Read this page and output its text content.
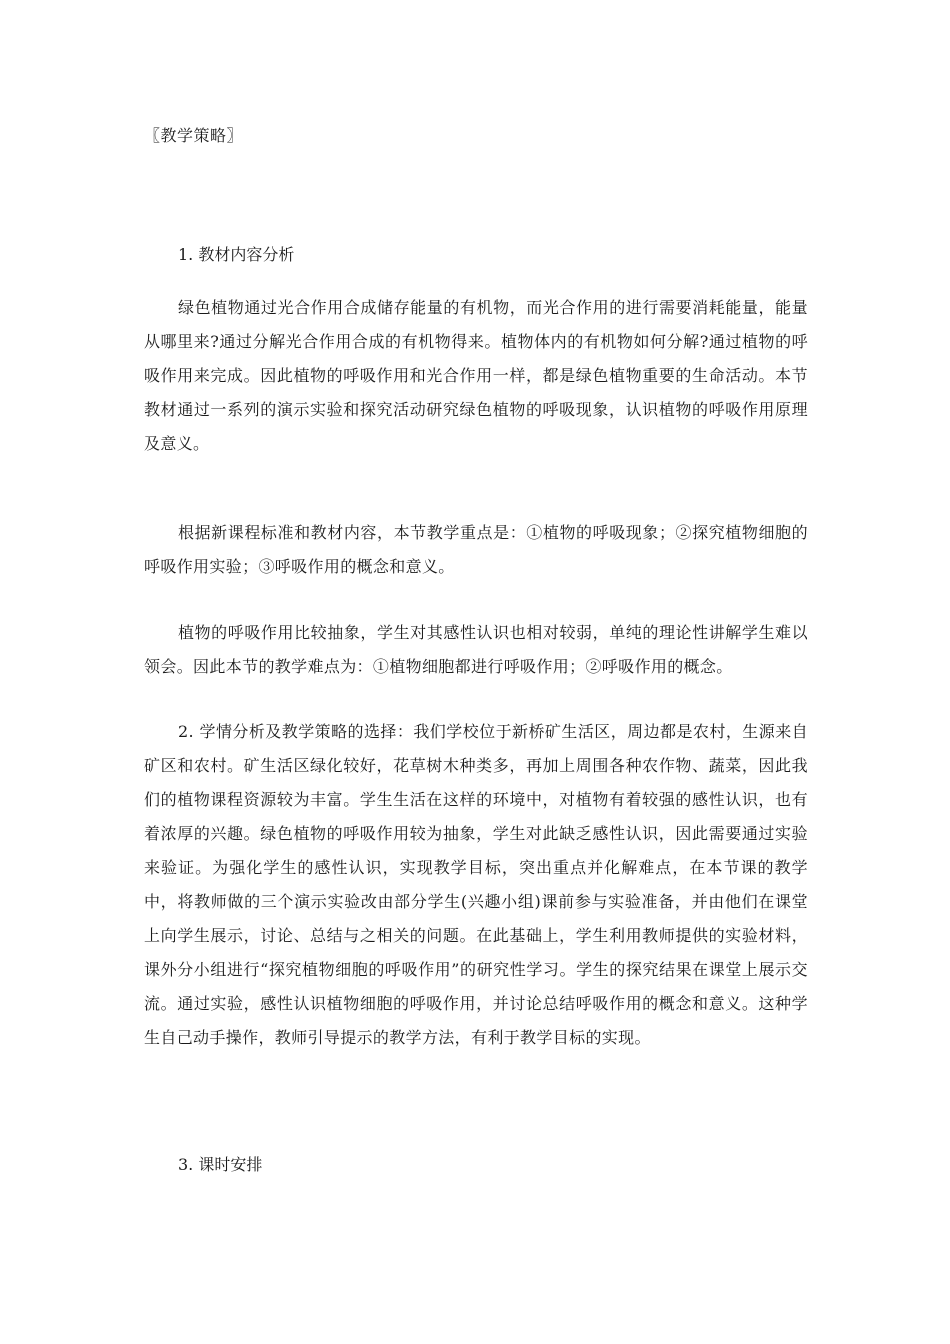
〖教学策略〗
1. 教材内容分析

绿色植物通过光合作用合成储存能量的有机物，而光合作用的进行需要消耗能量，能量从哪里来?通过分解光合作用合成的有机物得来。植物体内的有机物如何分解?通过植物的呼吸作用来完成。因此植物的呼吸作用和光合作用一样，都是绿色植物重要的生命活动。本节教材通过一系列的演示实验和探究活动研究绿色植物的呼吸现象，认识植物的呼吸作用原理及意义。

根据新课程标准和教材内容，本节教学重点是：①植物的呼吸现象；②探究植物细胞的呼吸作用实验；③呼吸作用的概念和意义。

植物的呼吸作用比较抽象，学生对其感性认识也相对较弱，单纯的理论性讲解学生难以领会。因此本节的教学难点为：①植物细胞都进行呼吸作用；②呼吸作用的概念。

2. 学情分析及教学策略的选择：我们学校位于新桥矿生活区，周边都是农村，生源来自矿区和农村。矿生活区绿化较好，花草树木种类多，再加上周围各种农作物、蔬菜，因此我们的植物课程资源较为丰富。学生生活在这样的环境中，对植物有着较强的感性认识，也有着浓厚的兴趣。绿色植物的呼吸作用较为抽象，学生对此缺乏感性认识，因此需要通过实验来验证。为强化学生的感性认识，实现教学目标，突出重点并化解难点，在本节课的教学中，将教师做的三个演示实验改由部分学生(兴趣小组)课前参与实验准备，并由他们在课堂上向学生展示，讨论、总结与之相关的问题。在此基础上，学生利用教师提供的实验材料，课外分小组进行“探究植物细胞的呼吸作用”的研究性学习。学生的探究结果在课堂上展示交流。通过实验，感性认识植物细胞的呼吸作用，并讨论总结呼吸作用的概念和意义。这种学生自己动手操作，教师引导提示的教学方法，有利于教学目标的实现。

3. 课时安排
